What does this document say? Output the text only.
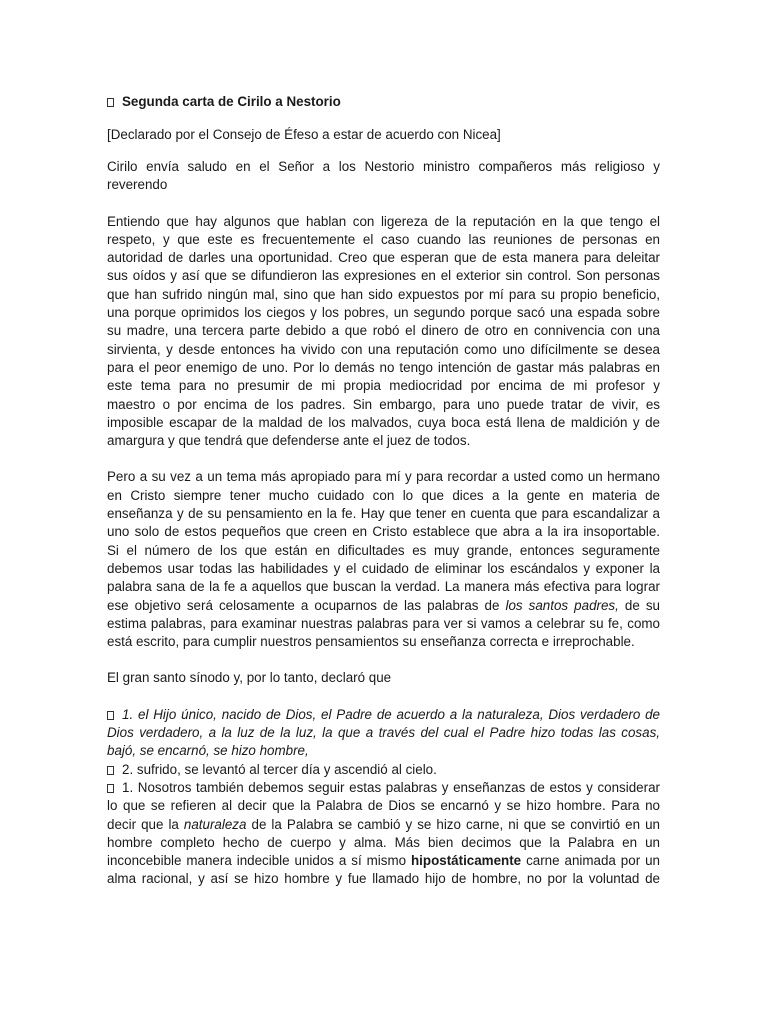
Segunda carta de Cirilo a Nestorio
[Declarado por el Consejo de Éfeso a estar de acuerdo con Nicea]
Cirilo envía saludo en el Señor a los Nestorio ministro compañeros más religioso y
reverendo
Entiendo que hay algunos que hablan con ligereza de la reputación en la que tengo el
respeto, y que este es frecuentemente el caso cuando las reuniones de personas en
autoridad de darles una oportunidad. Creo que esperan que de esta manera para deleitar
sus oídos y así que se difundieron las expresiones en el exterior sin control. Son personas
que han sufrido ningún mal, sino que han sido expuestos por mí para su propio beneficio,
una porque oprimidos los ciegos y los pobres, un segundo porque sacó una espada sobre
su madre, una tercera parte debido a que robó el dinero de otro en connivencia con una
sirvienta, y desde entonces ha vivido con una reputación como uno difícilmente se desea
para el peor enemigo de uno. Por lo demás no tengo intención de gastar más palabras en
este tema para no presumir de mi propia mediocridad por encima de mi profesor y
maestro o por encima de los padres. Sin embargo, para uno puede tratar de vivir, es
imposible escapar de la maldad de los malvados, cuya boca está llena de maldición y de
amargura y que tendrá que defenderse ante el juez de todos.
Pero a su vez a un tema más apropiado para mí y para recordar a usted como un hermano
en Cristo siempre tener mucho cuidado con lo que dices a la gente en materia de
enseñanza y de su pensamiento en la fe. Hay que tener en cuenta que para escandalizar a
uno solo de estos pequeños que creen en Cristo establece que abra a la ira insoportable.
Si el número de los que están en dificultades es muy grande, entonces seguramente
debemos usar todas las habilidades y el cuidado de eliminar los escándalos y exponer la
palabra sana de la fe a aquellos que buscan la verdad. La manera más efectiva para lograr
ese objetivo será celosamente a ocuparnos de las palabras de los santos padres, de su
estima palabras, para examinar nuestras palabras para ver si vamos a celebrar su fe, como
está escrito, para cumplir nuestros pensamientos su enseñanza correcta e irreprochable.
El gran santo sínodo y, por lo tanto, declaró que
1. el Hijo único, nacido de Dios, el Padre de acuerdo a la naturaleza, Dios verdadero de
Dios verdadero, a la luz de la luz, la que a través del cual el Padre hizo todas las cosas,
bajó, se encarnó, se hizo hombre,
2. sufrido, se levantó al tercer día y ascendió al cielo.
1. Nosotros también debemos seguir estas palabras y enseñanzas de estos y considerar
lo que se refieren al decir que la Palabra de Dios se encarnó y se hizo hombre. Para no
decir que la naturaleza de la Palabra se cambió y se hizo carne, ni que se convirtió en un
hombre completo hecho de cuerpo y alma. Más bien decimos que la Palabra en un
inconcebible manera indecible unidos a sí mismo hipostáticamente carne animada por un
alma racional, y así se hizo hombre y fue llamado hijo de hombre, no por la voluntad de
